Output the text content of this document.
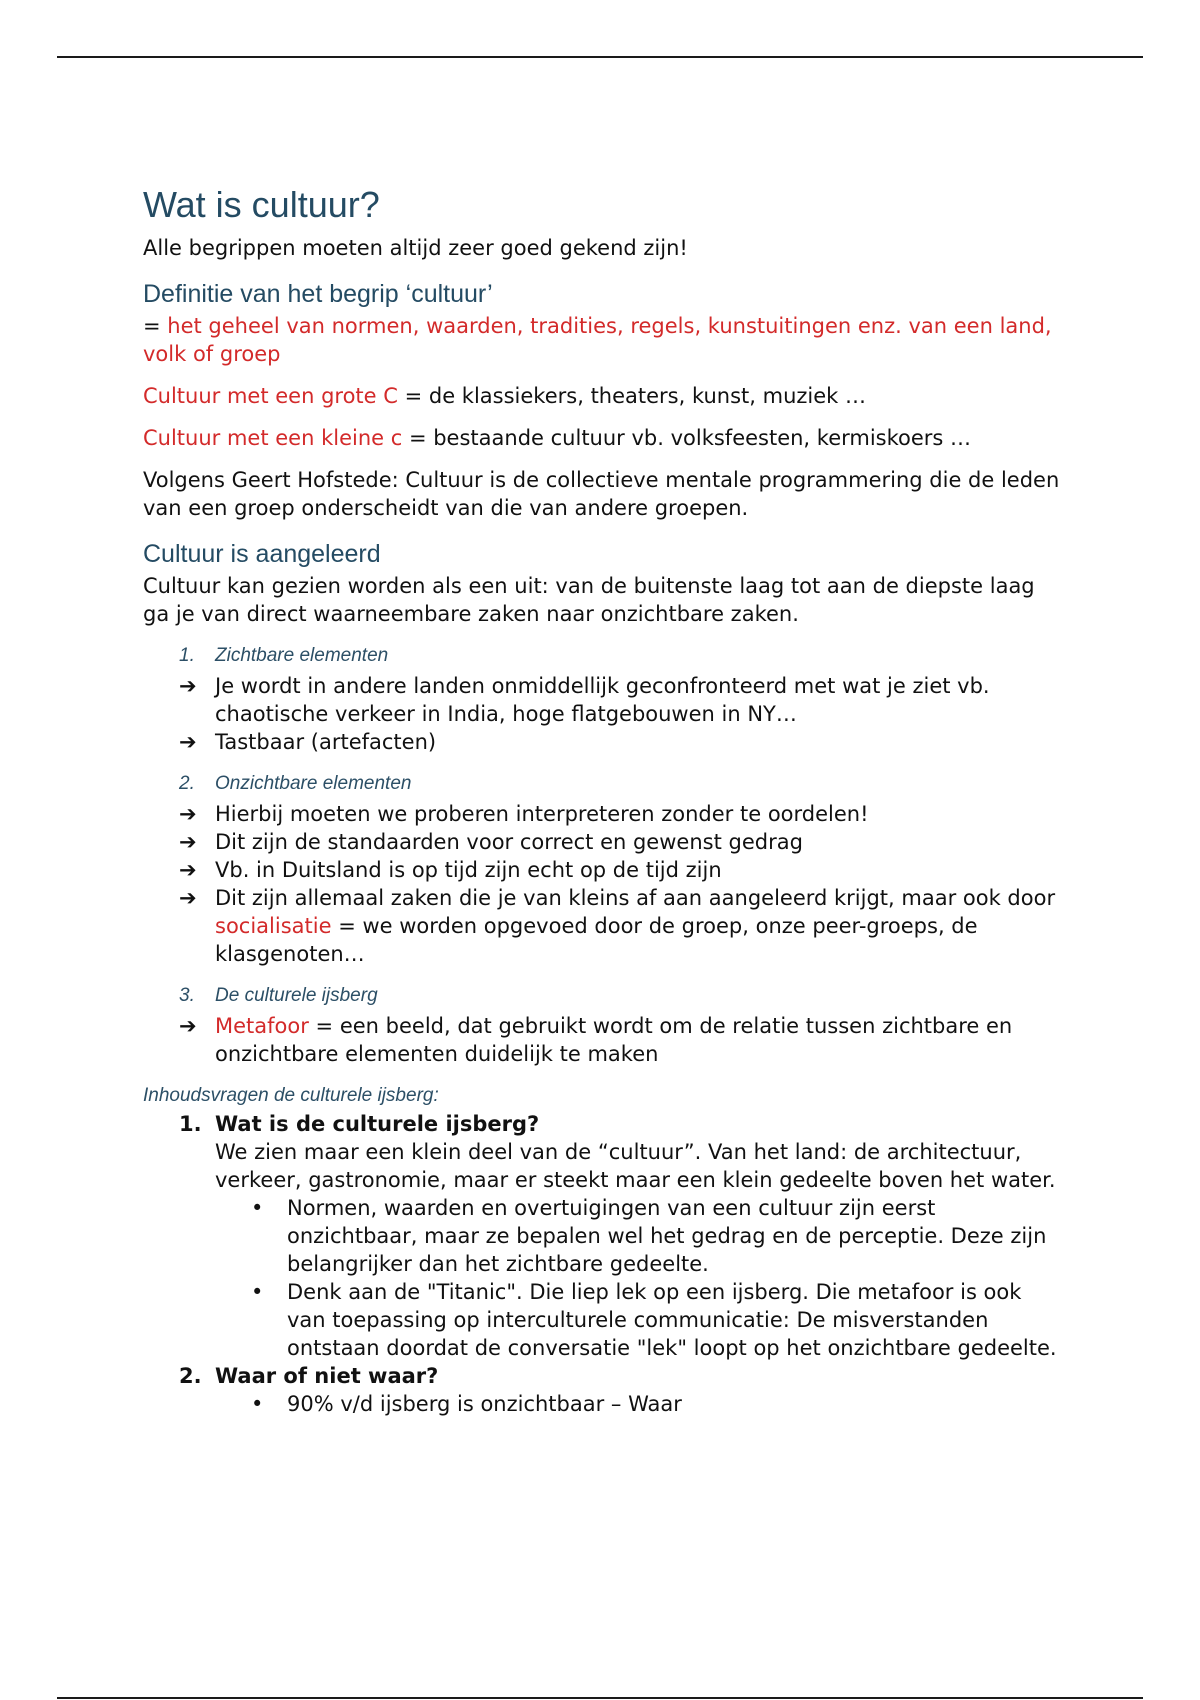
Wat is cultuur?

Alle begrippen moeten altijd zeer goed gekend zijn!

Definitie van het begrip ‘cultuur’

= het geheel van normen, waarden, tradities, regels, kunstuitingen enz. van een land, volk of groep

Cultuur met een grote C = de klassiekers, theaters, kunst, muziek …

Cultuur met een kleine c = bestaande cultuur vb. volksfeesten, kermiskoers …

Volgens Geert Hofstede: Cultuur is de collectieve mentale programmering die de leden van een groep onderscheidt van die van andere groepen.

Cultuur is aangeleerd

Cultuur kan gezien worden als een uit: van de buitenste laag tot aan de diepste laag ga je van direct waarneembare zaken naar onzichtbare zaken.

1.	Zichtbare elementen
➔ Je wordt in andere landen onmiddellijk geconfronteerd met wat je ziet vb. chaotische verkeer in India, hoge flatgebouwen in NY…
➔ Tastbaar (artefacten)
2.	Onzichtbare elementen
➔ Hierbij moeten we proberen interpreteren zonder te oordelen!
➔ Dit zijn de standaarden voor correct en gewenst gedrag
➔ Vb. in Duitsland is op tijd zijn echt op de tijd zijn
➔ Dit zijn allemaal zaken die je van kleins af aan aangeleerd krijgt, maar ook door socialisatie = we worden opgevoed door de groep, onze peer-groeps, de klasgenoten…
3.	De culturele ijsberg
➔ Metafoor = een beeld, dat gebruikt wordt om de relatie tussen zichtbare en onzichtbare elementen duidelijk te maken
Inhoudsvragen de culturele ijsberg:
1. Wat is de culturele ijsberg?

We zien maar een klein deel van de “cultuur”. Van het land: de architectuur, verkeer, gastronomie, maar er steekt maar een klein gedeelte boven het water.

• Normen, waarden en overtuigingen van een cultuur zijn eerst onzichtbaar, maar ze bepalen wel het gedrag en de perceptie. Deze zijn belangrijker dan het zichtbare gedeelte.
• Denk aan de "Titanic". Die liep lek op een ijsberg. Die metafoor is ook van toepassing op interculturele communicatie: De misverstanden ontstaan doordat de conversatie "lek" loopt op het onzichtbare gedeelte.
2. Waar of niet waar?
• 90% v/d ijsberg is onzichtbaar – Waar
